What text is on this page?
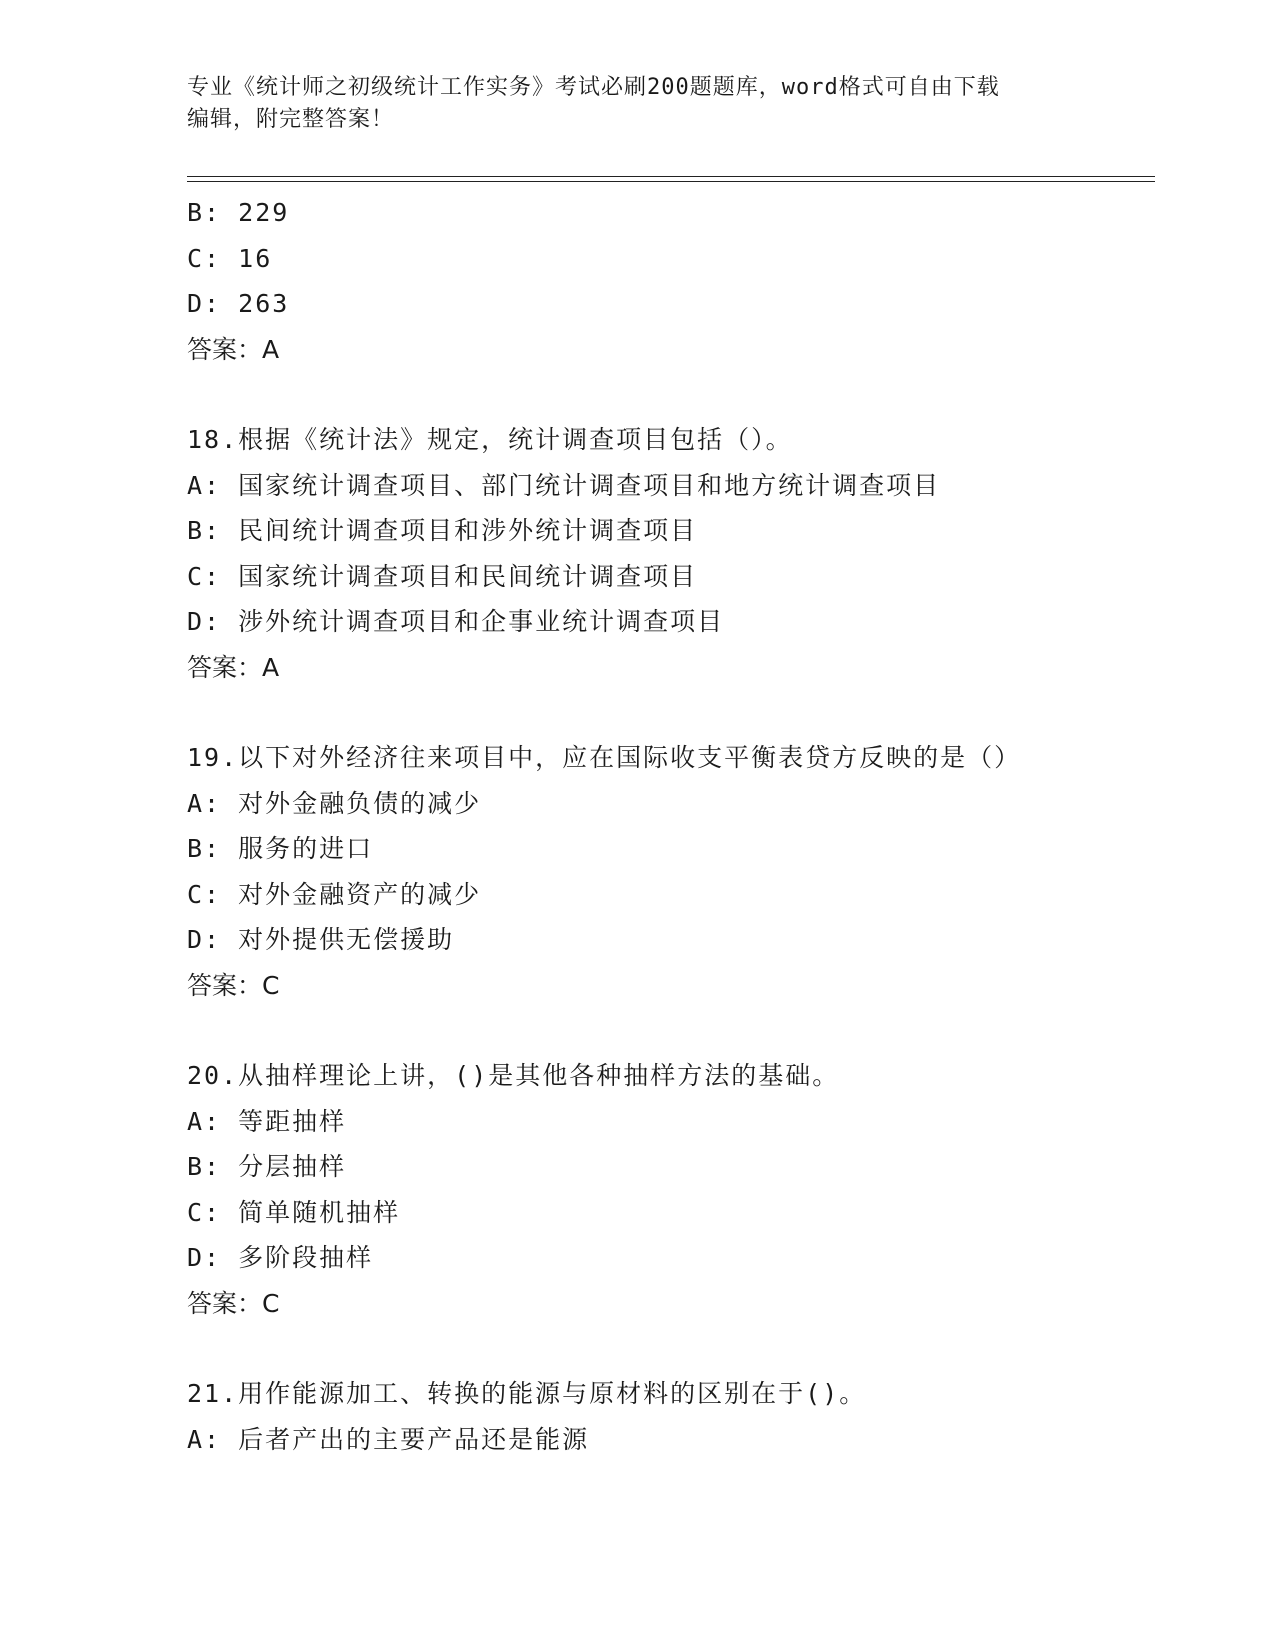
专业《统计师之初级统计工作实务》考试必刷200题题库，word格式可自由下载
编辑，附完整答案！
B: 229
C: 16
D: 263
答案：A
18.根据《统计法》规定，统计调查项目包括（）。
A: 国家统计调查项目、部门统计调查项目和地方统计调查项目
B: 民间统计调查项目和涉外统计调查项目
C: 国家统计调查项目和民间统计调查项目
D: 涉外统计调查项目和企事业统计调查项目
答案：A
19.以下对外经济往来项目中，应在国际收支平衡表贷方反映的是（）
A: 对外金融负债的减少
B: 服务的进口
C: 对外金融资产的减少
D: 对外提供无偿援助
答案：C
20.从抽样理论上讲，()是其他各种抽样方法的基础。
A: 等距抽样
B: 分层抽样
C: 简单随机抽样
D: 多阶段抽样
答案：C
21.用作能源加工、转换的能源与原材料的区别在于()。
A: 后者产出的主要产品还是能源
